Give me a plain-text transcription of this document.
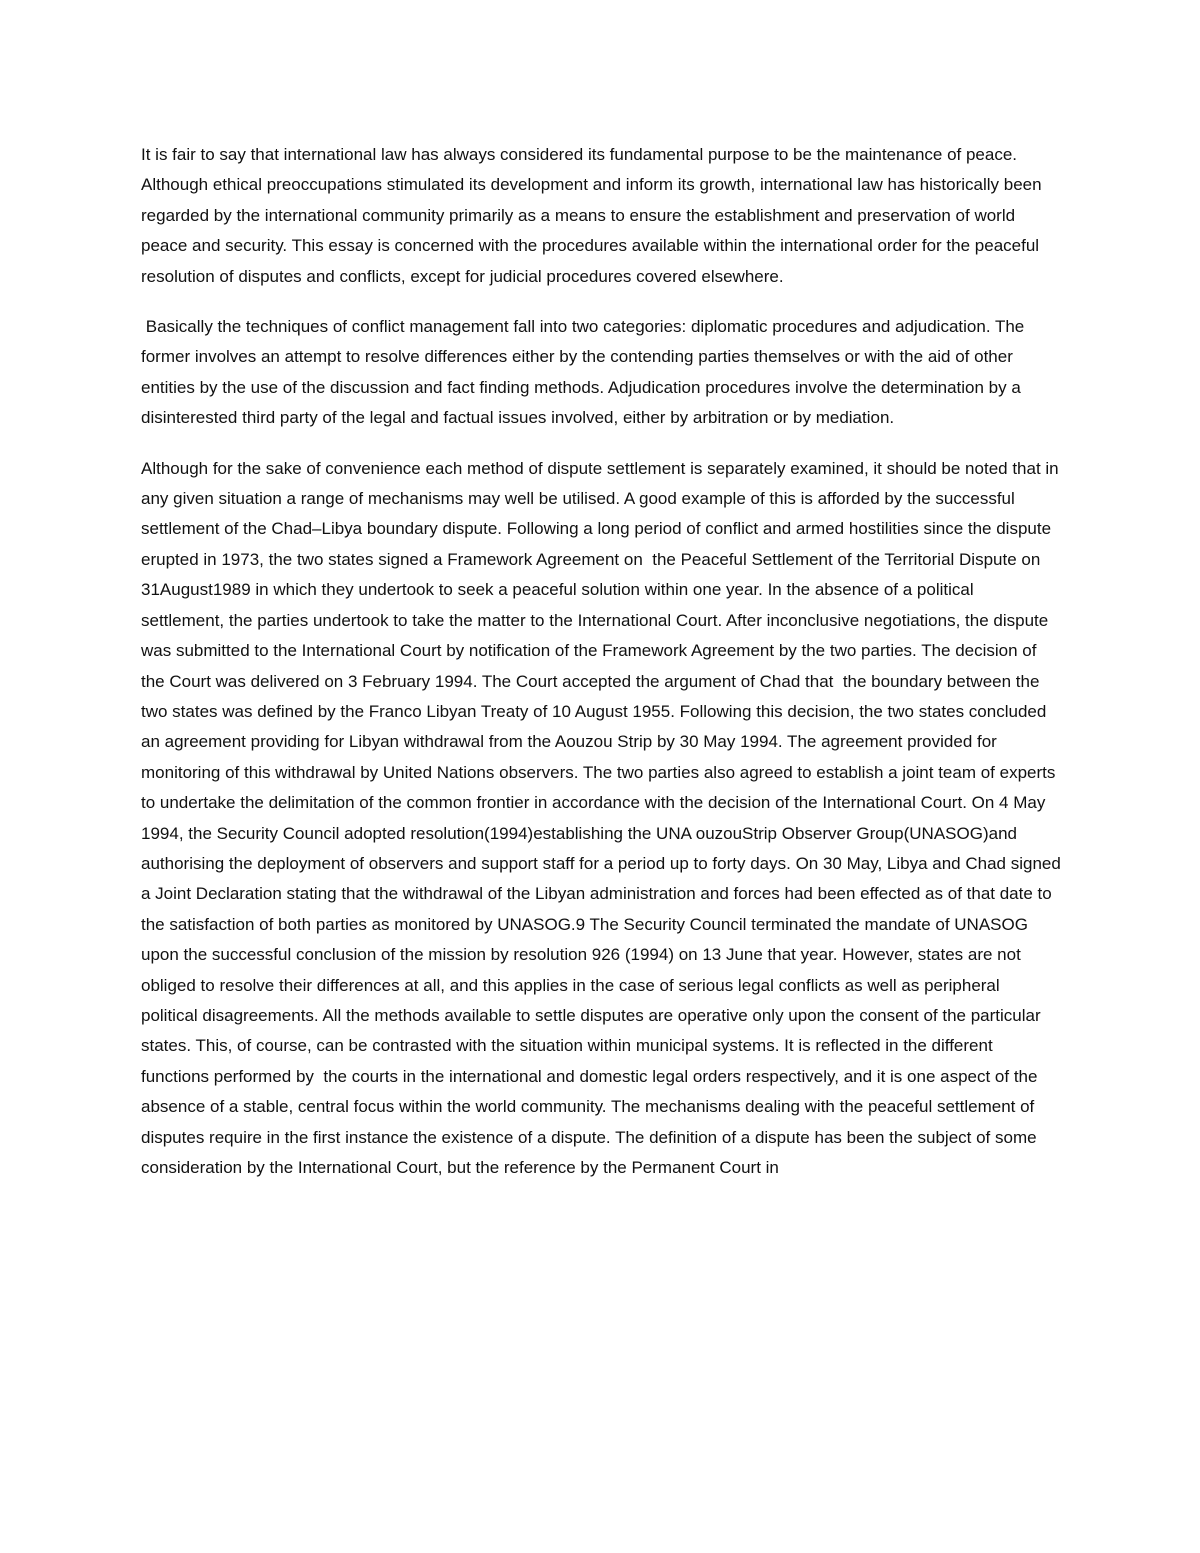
It is fair to say that international law has always considered its fundamental purpose to be the maintenance of peace. Although ethical preoccupations stimulated its development and inform its growth, international law has historically been regarded by the international community primarily as a means to ensure the establishment and preservation of world peace and security. This essay is concerned with the procedures available within the international order for the peaceful resolution of disputes and conflicts, except for judicial procedures covered elsewhere.

Basically the techniques of conflict management fall into two categories: diplomatic procedures and adjudication. The former involves an attempt to resolve differences either by the contending parties themselves or with the aid of other entities by the use of the discussion and fact finding methods. Adjudication procedures involve the determination by a disinterested third party of the legal and factual issues involved, either by arbitration or by mediation.

Although for the sake of convenience each method of dispute settlement is separately examined, it should be noted that in any given situation a range of mechanisms may well be utilised. A good example of this is afforded by the successful settlement of the Chad–Libya boundary dispute. Following a long period of conflict and armed hostilities since the dispute erupted in 1973, the two states signed a Framework Agreement on  the Peaceful Settlement of the Territorial Dispute on 31August1989 in which they undertook to seek a peaceful solution within one year. In the absence of a political settlement, the parties undertook to take the matter to the International Court. After inconclusive negotiations, the dispute was submitted to the International Court by notification of the Framework Agreement by the two parties. The decision of the Court was delivered on 3 February 1994. The Court accepted the argument of Chad that  the boundary between the two states was defined by the Franco Libyan Treaty of 10 August 1955. Following this decision, the two states concluded an agreement providing for Libyan withdrawal from the Aouzou Strip by 30 May 1994. The agreement provided for monitoring of this withdrawal by United Nations observers. The two parties also agreed to establish a joint team of experts to undertake the delimitation of the common frontier in accordance with the decision of the International Court. On 4 May 1994, the Security Council adopted resolution(1994)establishing the UNA ouzouStrip Observer Group(UNASOG)and authorising the deployment of observers and support staff for a period up to forty days. On 30 May, Libya and Chad signed a Joint Declaration stating that the withdrawal of the Libyan administration and forces had been effected as of that date to the satisfaction of both parties as monitored by UNASOG.9 The Security Council terminated the mandate of UNASOG upon the successful conclusion of the mission by resolution 926 (1994) on 13 June that year. However, states are not obliged to resolve their differences at all, and this applies in the case of serious legal conflicts as well as peripheral political disagreements. All the methods available to settle disputes are operative only upon the consent of the particular states. This, of course, can be contrasted with the situation within municipal systems. It is reflected in the different functions performed by  the courts in the international and domestic legal orders respectively, and it is one aspect of the absence of a stable, central focus within the world community. The mechanisms dealing with the peaceful settlement of disputes require in the first instance the existence of a dispute. The definition of a dispute has been the subject of some consideration by the International Court, but the reference by the Permanent Court in
